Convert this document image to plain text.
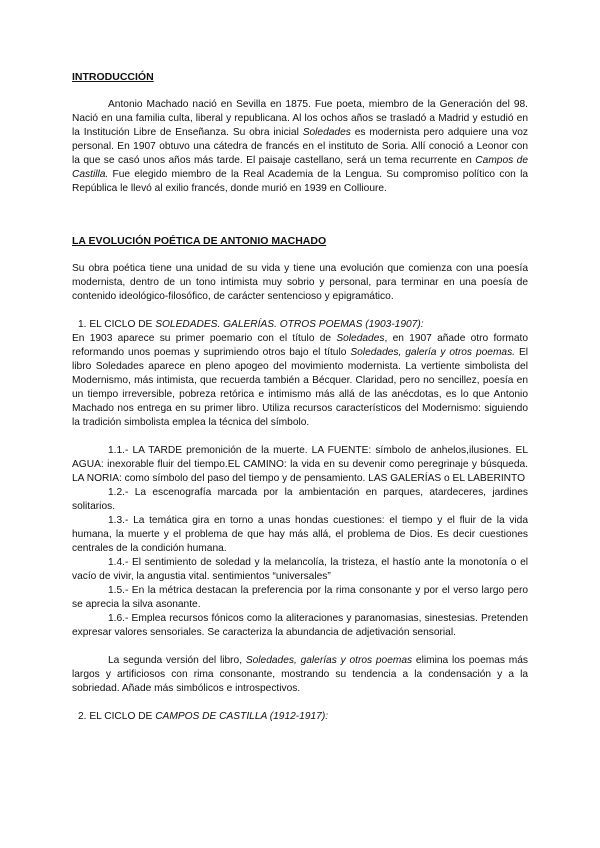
INTRODUCCIÓN

Antonio Machado nació en Sevilla en 1875. Fue poeta, miembro de la Generación del 98. Nació en una familia culta, liberal y republicana. Al los ochos años se trasladó a Madrid y estudió en la Institución Libre de Enseñanza. Su obra inicial Soledades es modernista pero adquiere una voz personal. En 1907 obtuvo una cátedra de francés en el instituto de Soria. Allí conoció a Leonor con la que se casó unos años más tarde. El paisaje castellano, será un tema recurrente en Campos de Castilla. Fue elegido miembro de la Real Academia de la Lengua. Su compromiso político con la República le llevó al exilio francés, donde murió en 1939 en Collioure.

LA EVOLUCIÓN POÉTICA DE ANTONIO MACHADO

Su obra poética tiene una unidad de su vida y tiene una evolución que comienza con una poesía modernista, dentro de un tono intimista muy sobrio y personal, para terminar en una poesía de contenido ideológico-filosófico, de carácter sentencioso y epigramático.

1. EL CICLO DE SOLEDADES. GALERÍAS. OTROS POEMAS (1903-1907):

En 1903 aparece su primer poemario con el título de Soledades, en 1907 añade otro formato reformando unos poemas y suprimiendo otros bajo el título Soledades, galería y otros poemas. El libro Soledades aparece en pleno apogeo del movimiento modernista. La vertiente simbolista del Modernismo, más intimista, que recuerda también a Bécquer. Claridad, pero no sencillez, poesía en un tiempo irreversible, pobreza retórica e intimismo más allá de las anécdotas, es lo que Antonio Machado nos entrega en su primer libro. Utiliza recursos característicos del Modernismo: siguiendo la tradición simbolista emplea la técnica del símbolo.

1.1.- LA TARDE premonición de la muerte. LA FUENTE: símbolo de anhelos,ilusiones. EL AGUA: inexorable fluir del tiempo.EL CAMINO: la vida en su devenir como peregrinaje y búsqueda. LA NORIA: como símbolo del paso del tiempo y de pensamiento. LAS GALERÍAS o EL LABERINTO

1.2.- La escenografía marcada por la ambientación en parques, atardeceres, jardines solitarios.

1.3.- La temática gira en torno a unas hondas cuestiones: el tiempo y el fluir de la vida humana, la muerte y el problema de que hay más allá, el problema de Dios. Es decir cuestiones centrales de la condición humana.

1.4.- El sentimiento de soledad y la melancolía, la tristeza, el hastío ante la monotonía o el vacío de vivir, la angustia vital. sentimientos “universales”

1.5.- En la métrica destacan la preferencia por la rima consonante y por el verso largo pero se aprecia la silva asonante.

1.6.- Emplea recursos fónicos como la aliteraciones y paranomasias, sinestesias. Pretenden expresar valores sensoriales. Se caracteriza la abundancia de adjetivación sensorial.

La segunda versión del libro, Soledades, galerías y otros poemas elimina los poemas más largos y artificiosos con rima consonante, mostrando su tendencia a la condensación y a la sobriedad. Añade más simbólicos e introspectivos.

2. EL CICLO DE CAMPOS DE CASTILLA (1912-1917):
